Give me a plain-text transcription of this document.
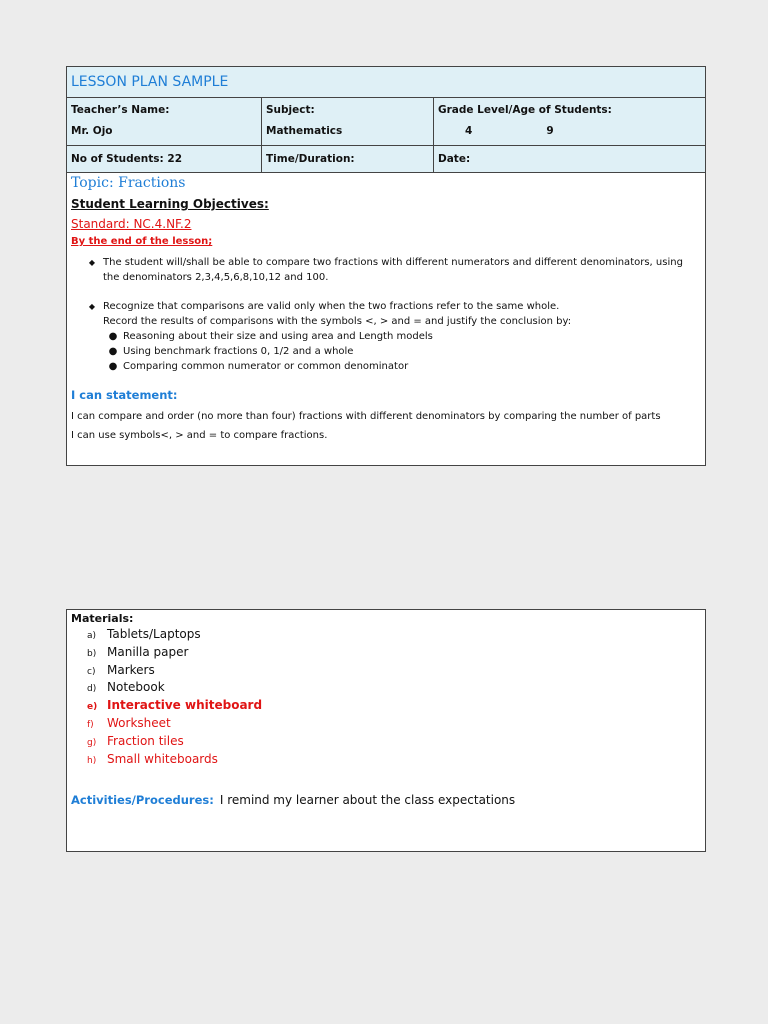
LESSON PLAN SAMPLE
Teacher’s Name:
Mr. Ojo
Subject:
Mathematics
Grade Level/Age of Students:
4	9
No of Students: 22	Time/Duration:	Date:
Topic: Fractions
Student Learning Objectives:
Standard: NC.4.NF.2
By the end of the lesson;
◆ The student will/shall be able to compare two fractions with different numerators and different denominators, using the denominators 2,3,4,5,6,8,10,12 and 100.
◆ Recognize that comparisons are valid only when the two fractions refer to the same whole.
Record the results of comparisons with the symbols <, > and = and justify the conclusion by:
● Reasoning about their size and using area and Length models
● Using benchmark fractions 0, 1/2 and a whole
● Comparing common numerator or common denominator
I can statement:
I can compare and order (no more than four) fractions with different denominators by comparing the number of parts
I can use symbols<, > and = to compare fractions.
Materials:
a) Tablets/Laptops
b) Manilla paper
c) Markers
d) Notebook
e) Interactive whiteboard
f)	Worksheet
g) Fraction tiles
h) Small whiteboards
Activities/Procedures: I remind my learner about the class expectations
